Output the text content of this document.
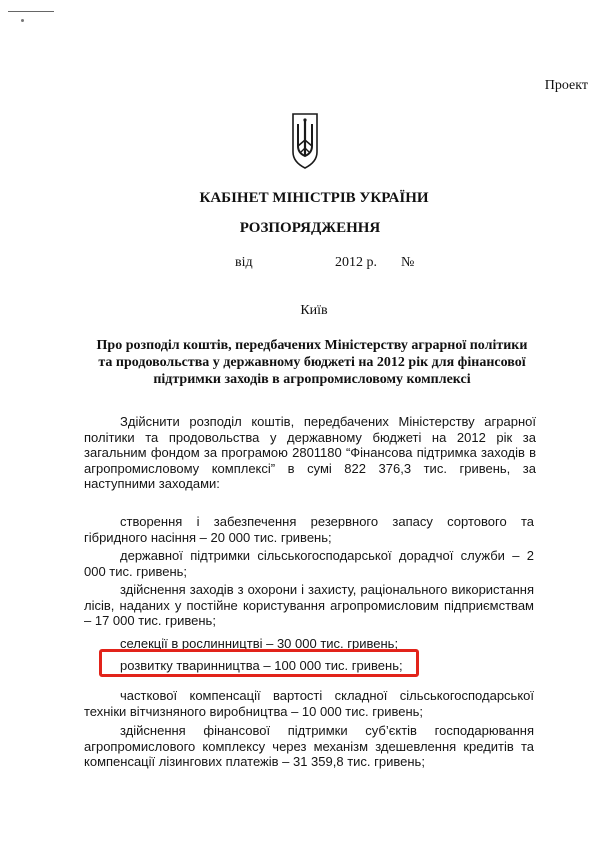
Проект
КАБІНЕТ МІНІСТРІВ УКРАЇНИ
РОЗПОРЯДЖЕННЯ
від	2012 р. №
Київ
Про розподіл коштів, передбачених Міністерству аграрної політики та продовольства у державному бюджеті на 2012 рік для фінансової підтримки заходів в агропромисловому комплексі
Здійснити розподіл коштів, передбачених Міністерству аграрної політики та продовольства у державному бюджеті на 2012 рік за загальним фондом за програмою 2801180 “Фінансова підтримка заходів в агропромисловому комплексі” в сумі 822 376,3 тис. гривень, за наступними заходами:
створення і забезпечення резервного запасу сортового та гібридного насіння – 20 000 тис. гривень;
державної підтримки сільськогосподарської дорадчої служби – 2 000 тис. гривень;
здійснення заходів з охорони і захисту, раціонального використання лісів, наданих у постійне користування агропромисловим підприємствам – 17 000 тис. гривень;
селекції в рослинництві – 30 000 тис. гривень;
розвитку тваринництва – 100 000 тис. гривень;
часткової компенсації вартості складної сільськогосподарської техніки вітчизняного виробництва – 10 000 тис. гривень;
здійснення фінансової підтримки суб’єктів господарювання агропромислового комплексу через механізм здешевлення кредитів та компенсації лізингових платежів – 31 359,8 тис. гривень;
